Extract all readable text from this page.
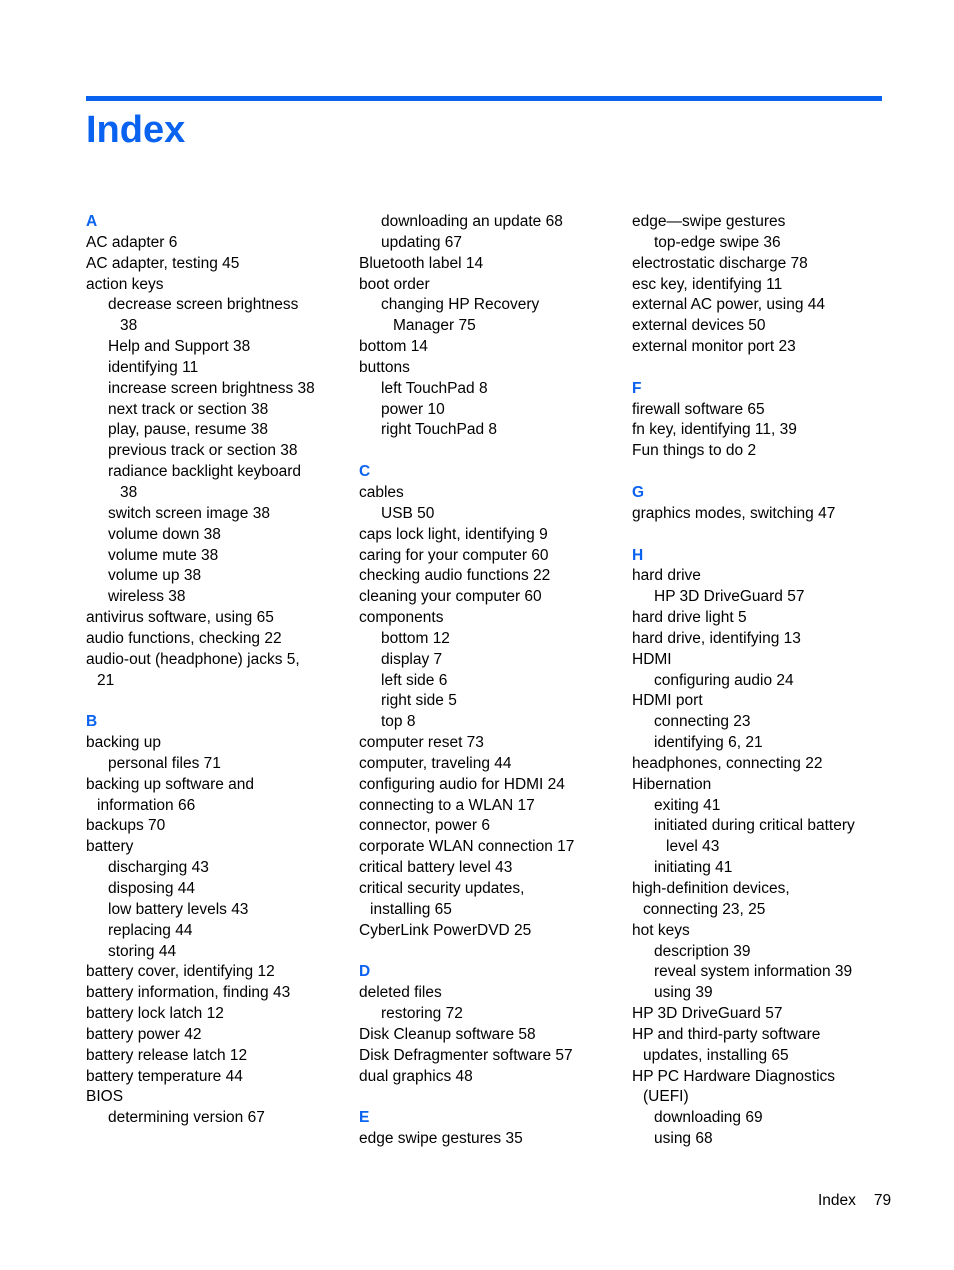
Index
A
AC adapter 6
AC adapter, testing 45
action keys
decrease screen brightness
38
Help and Support 38
identifying 11
increase screen brightness 38
next track or section 38
play, pause, resume 38
previous track or section 38
radiance backlight keyboard
38
switch screen image 38
volume down 38
volume mute 38
volume up 38
wireless 38
antivirus software, using 65
audio functions, checking 22
audio-out (headphone) jacks 5,
21
B
backing up
personal files 71
backing up software and
information 66
backups 70
battery
discharging 43
disposing 44
low battery levels 43
replacing 44
storing 44
battery cover, identifying 12
battery information, finding 43
battery lock latch 12
battery power 42
battery release latch 12
battery temperature 44
BIOS
determining version 67
downloading an update 68
updating 67
Bluetooth label 14
boot order
changing HP Recovery
Manager 75
bottom 14
buttons
left TouchPad 8
power 10
right TouchPad 8
C
cables
USB 50
caps lock light, identifying 9
caring for your computer 60
checking audio functions 22
cleaning your computer 60
components
bottom 12
display 7
left side 6
right side 5
top 8
computer reset 73
computer, traveling 44
configuring audio for HDMI 24
connecting to a WLAN 17
connector, power 6
corporate WLAN connection 17
critical battery level 43
critical security updates,
installing 65
CyberLink PowerDVD 25
D
deleted files
restoring 72
Disk Cleanup software 58
Disk Defragmenter software 57
dual graphics 48
E
edge swipe gestures 35
edge—swipe gestures
top-edge swipe 36
electrostatic discharge 78
esc key, identifying 11
external AC power, using 44
external devices 50
external monitor port 23
F
firewall software 65
fn key, identifying 11, 39
Fun things to do 2
G
graphics modes, switching 47
H
hard drive
HP 3D DriveGuard 57
hard drive light 5
hard drive, identifying 13
HDMI
configuring audio 24
HDMI port
connecting 23
identifying 6, 21
headphones, connecting 22
Hibernation
exiting 41
initiated during critical battery
level 43
initiating 41
high-definition devices,
connecting 23, 25
hot keys
description 39
reveal system information 39
using 39
HP 3D DriveGuard 57
HP and third-party software
updates, installing 65
HP PC Hardware Diagnostics
(UEFI)
downloading 69
using 68
Index 79
